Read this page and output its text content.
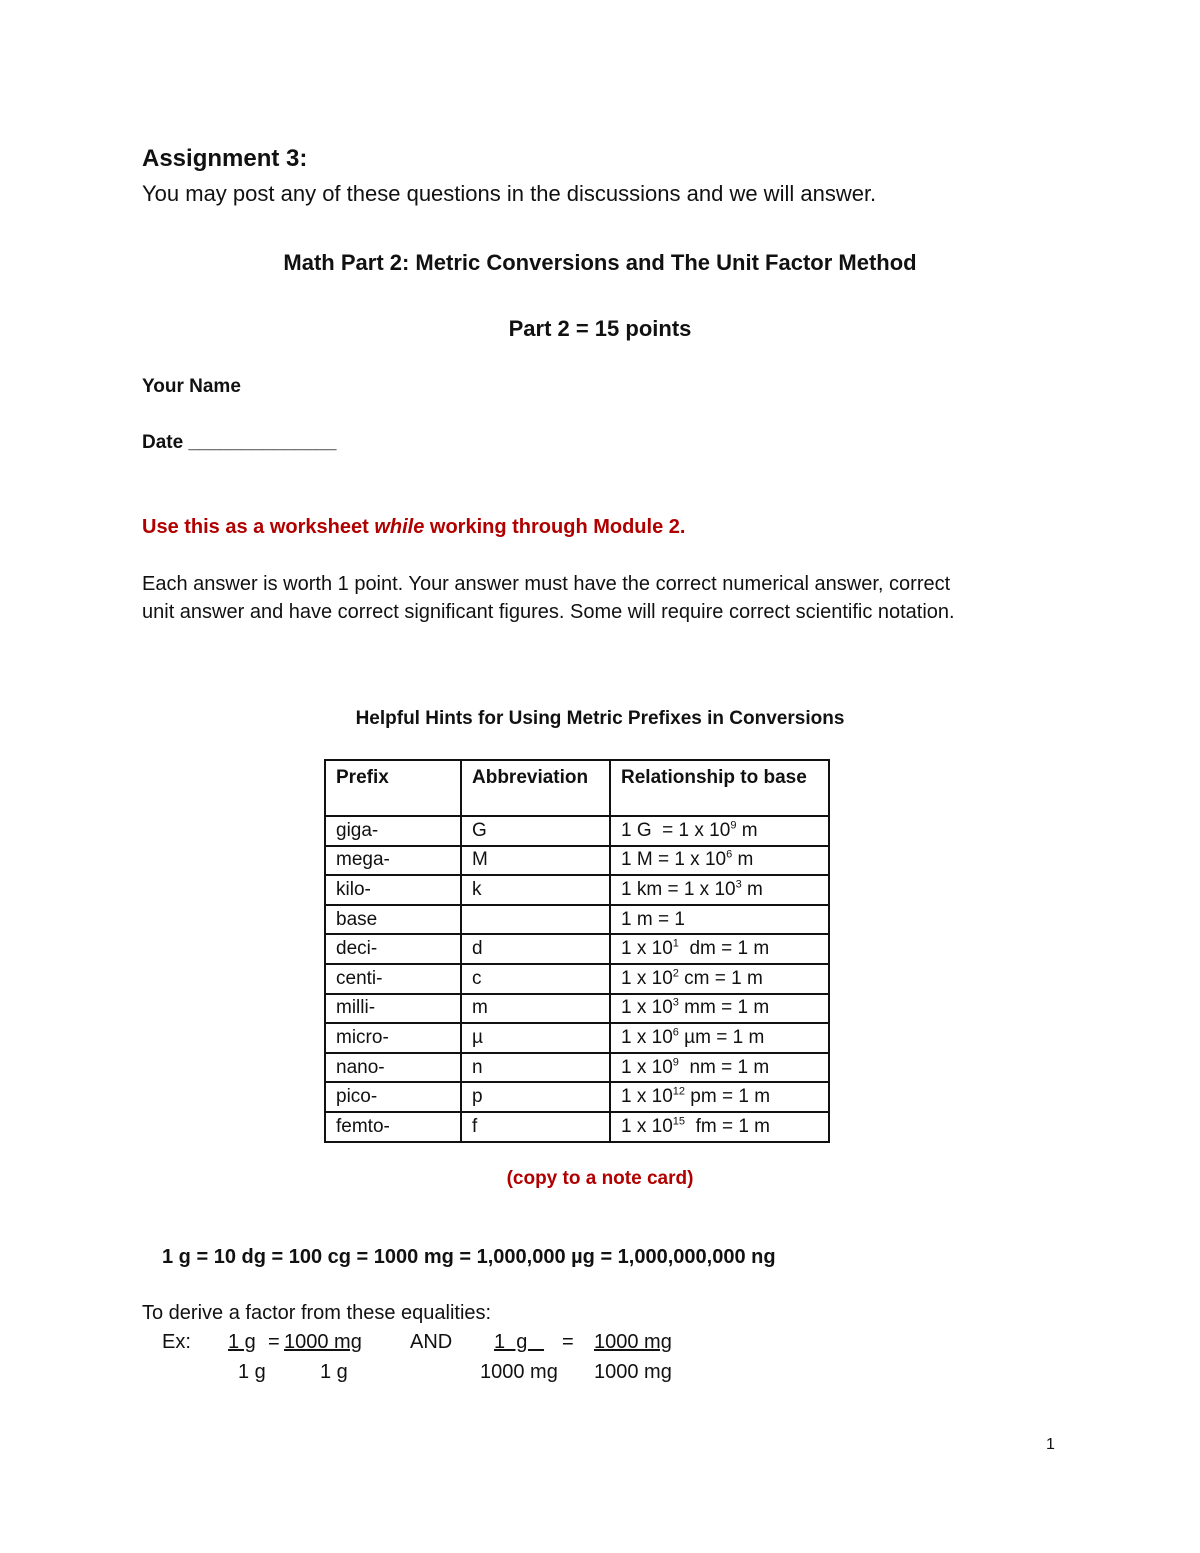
Assignment 3:
You may post any of these questions in the discussions and we will answer.
Math Part 2: Metric Conversions and The Unit Factor Method
Part 2 = 15 points
Your Name
Date ______________
Use this as a worksheet while working through Module 2.
Each answer is worth 1 point. Your answer must have the correct numerical answer, correct
unit answer and have correct significant figures. Some will require correct scientific notation.
Helpful Hints for Using Metric Prefixes in Conversions
Prefix	Abbreviation	Relationship to base
giga-	G	1 G  = 1 x $10^9$ m
mega-	M	1 M = 1 x $10^6$ m
kilo-	k	1 km = 1 x $10^3$ m
base		1 m = 1
deci-	d	1 x $10^1$  dm = 1 m
centi-	c	1 x $10^2$ cm = 1 m
milli-	m	1 x $10^3$ mm = 1 m
micro-	µ	1 x $10^6$ µm = 1 m
nano-	n	1 x $10^9$  nm = 1 m
pico-	p	1 x $10^{12}$ pm = 1 m
femto-	f	1 x $10^{15}$  fm = 1 m
(copy to a note card)
1 g = 10 dg = 100 cg = 1000 mg = 1,000,000 µg = 1,000,000,000 ng
To derive a factor from these equalities:
Ex: 1 g = 1000 mg AND 1  g = 1000 mg
1 g	1 g	1000 mg 1000 mg
1
